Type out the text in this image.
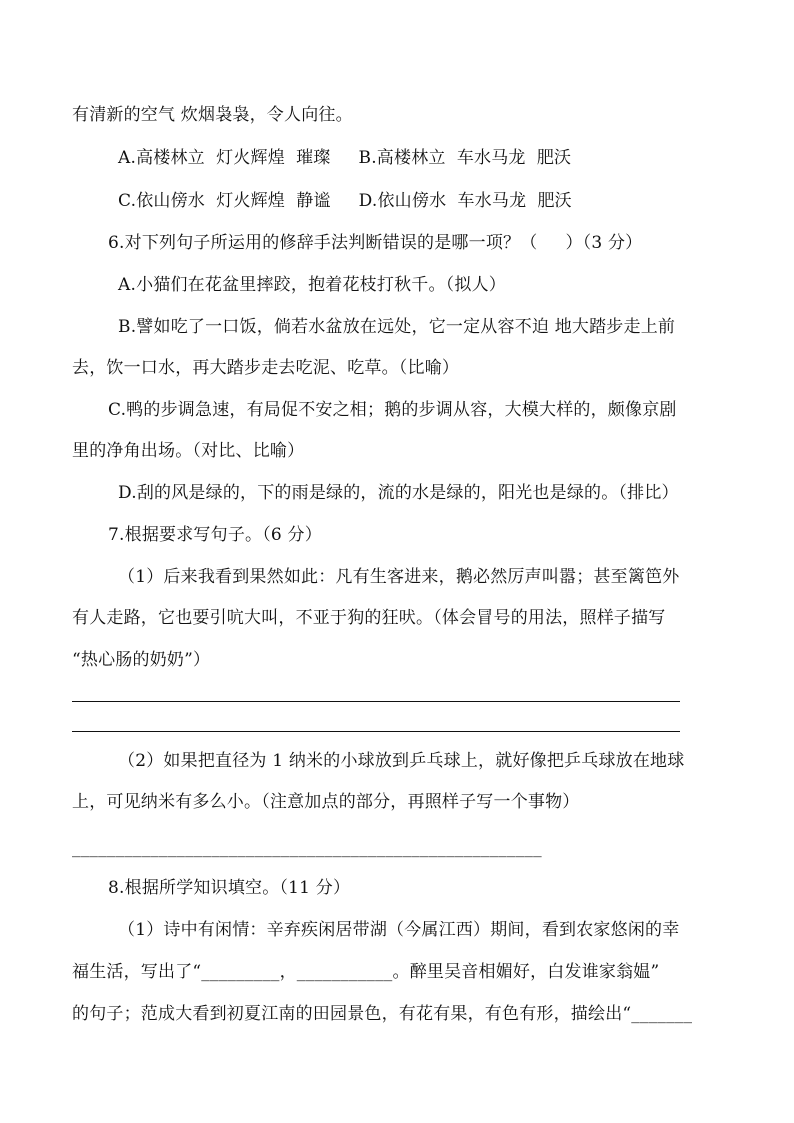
有清新的空气 炊烟袅袅，令人向往。
A.高楼林立  灯火辉煌  璀璨     B.高楼林立  车水马龙  肥沃
C.依山傍水  灯火辉煌  静谧     D.依山傍水  车水马龙  肥沃
6.对下列句子所运用的修辞手法判断错误的是哪一项？（     ）（3 分）
A.小猫们在花盆里摔跤，抱着花枝打秋千。（拟人）
B.譬如吃了一口饭，倘若水盆放在远处，它一定从容不迫 地大踏步走上前
去，饮一口水，再大踏步走去吃泥、吃草。（比喻）
C.鸭的步调急速，有局促不安之相；鹅的步调从容，大模大样的，颇像京剧
里的净角出场。（对比、比喻）
D.刮的风是绿的，下的雨是绿的，流的水是绿的，阳光也是绿的。（排比）
7.根据要求写句子。（6 分）
（1）后来我看到果然如此：凡有生客进来，鹅必然厉声叫嚣；甚至篱笆外
有人走路，它也要引吭大叫，不亚于狗的狂吠。（体会冒号的用法，照样子描写
“热心肠的奶奶”）
（2）如果把直径为 1 纳米的小球放到乒乓球上，就好像把乒乓球放在地球
上，可见纳米有多么小。（注意加点的部分，再照样子写一个事物）
______________________________________________________
8.根据所学知识填空。（11 分）
（1）诗中有闲情：辛弃疾闲居带湖（今属江西）期间，看到农家悠闲的幸
福生活，写出了“_________，___________。醉里吴音相媚好，白发谁家翁媪”
的句子；范成大看到初夏江南的田园景色，有花有果，有色有形，描绘出“_______
